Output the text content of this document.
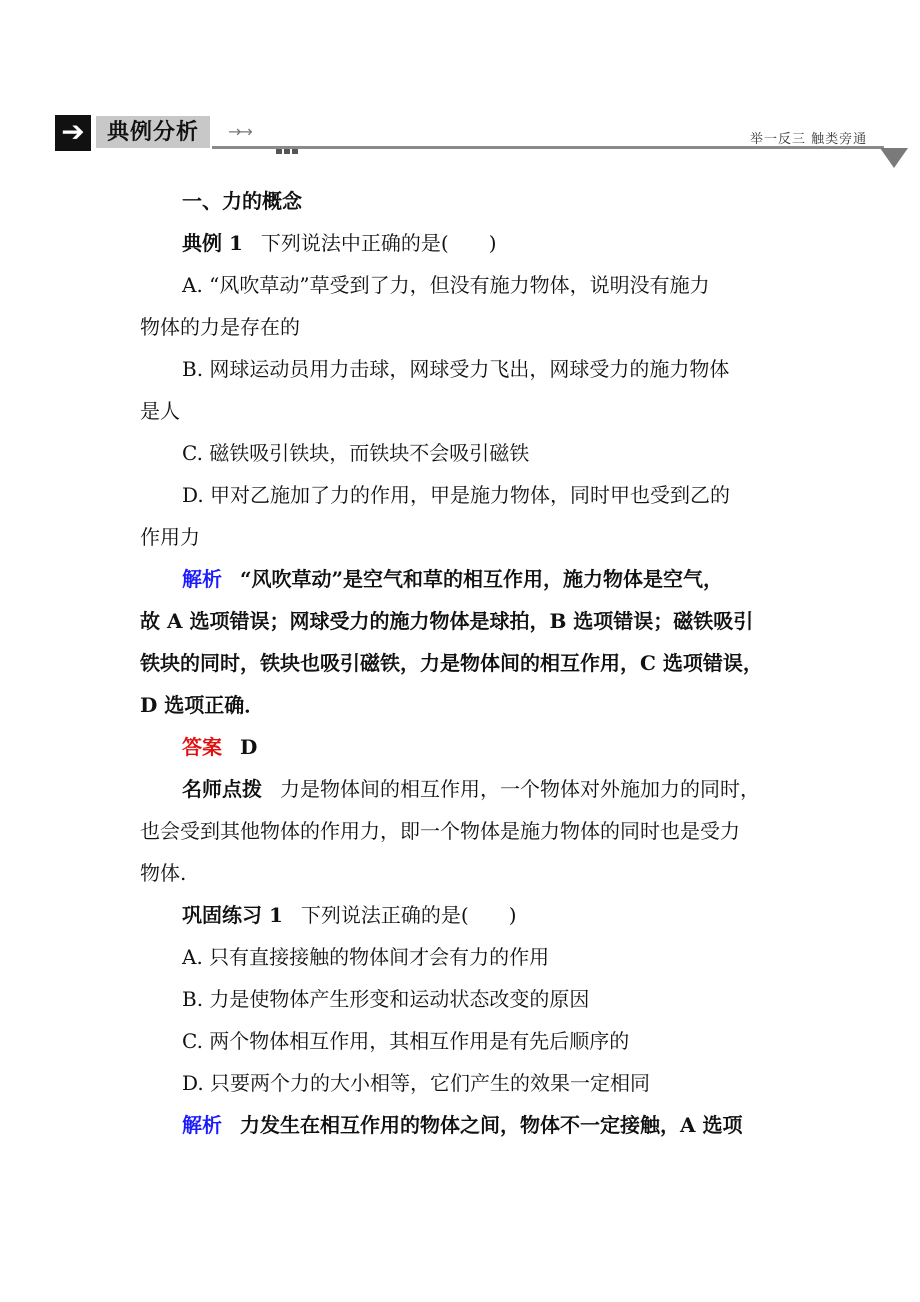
➔	典例分析	→→	举一反三 触类旁通
一、力的概念
典例 1 下列说法中正确的是(　　)
A. “风吹草动”草受到了力，但没有施力物体，说明没有施力
物体的力是存在的
B. 网球运动员用力击球，网球受力飞出，网球受力的施力物体
是人
C. 磁铁吸引铁块，而铁块不会吸引磁铁
D. 甲对乙施加了力的作用，甲是施力物体，同时甲也受到乙的
作用力
解析 “风吹草动”是空气和草的相互作用，施力物体是空气，
故 A 选项错误；网球受力的施力物体是球拍，B 选项错误；磁铁吸引
铁块的同时，铁块也吸引磁铁，力是物体间的相互作用，C 选项错误，
D 选项正确．
答案 D
名师点拨 力是物体间的相互作用，一个物体对外施加力的同时，
也会受到其他物体的作用力，即一个物体是施力物体的同时也是受力
物体.
巩固练习 1 下列说法正确的是(　　)
A. 只有直接接触的物体间才会有力的作用
B. 力是使物体产生形变和运动状态改变的原因
C. 两个物体相互作用，其相互作用是有先后顺序的
D. 只要两个力的大小相等，它们产生的效果一定相同
解析 力发生在相互作用的物体之间，物体不一定接触，A 选项
